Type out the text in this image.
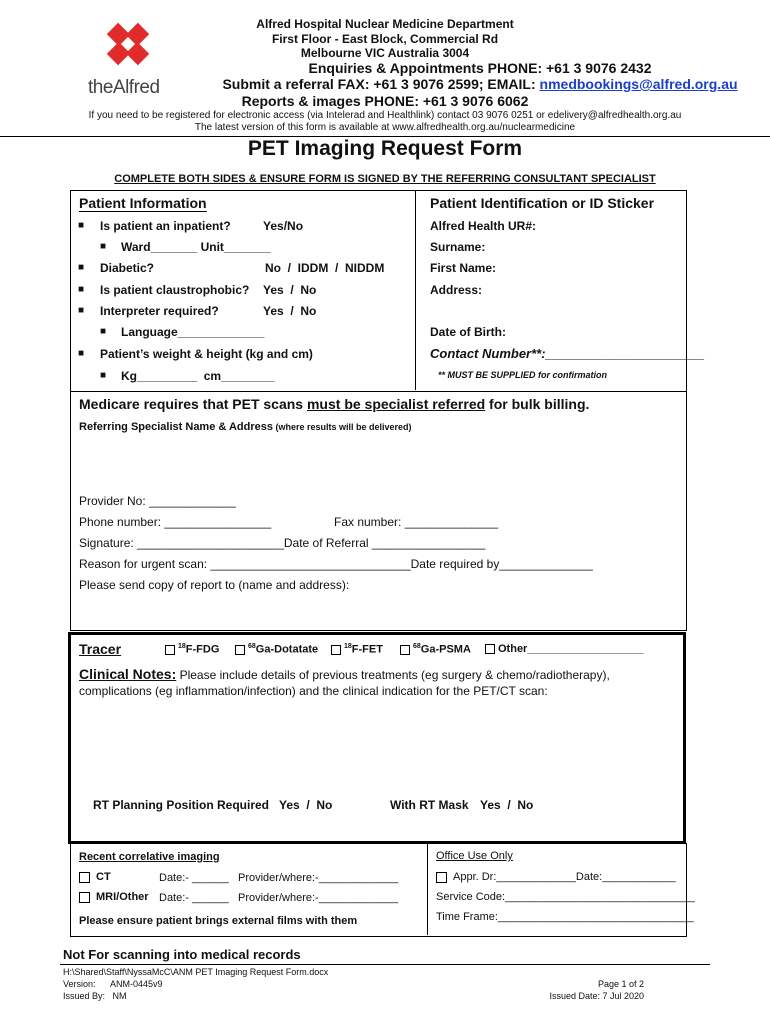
theAlfred
Alfred Hospital Nuclear Medicine Department
First Floor - East Block, Commercial Rd
Melbourne VIC Australia 3004
Enquiries & Appointments PHONE: +61 3 9076 2432
Submit a referral FAX: +61 3 9076 2599; EMAIL: nmedbookings@alfred.org.au
Reports & images PHONE: +61 3 9076 6062
If you need to be registered for electronic access (via Intelerad and Healthlink) contact 03 9076 0251 or edelivery@alfredhealth.org.au
The latest version of this form is available at www.alfredhealth.org.au/nuclearmedicine
PET Imaging Request Form
COMPLETE BOTH SIDES & ENSURE FORM IS SIGNED BY THE REFERRING CONSULTANT SPECIALIST
Patient Information	Patient Identification or ID Sticker
■ Is patient an inpatient?	Yes/No
■ Ward_______ Unit_______
■ Diabetic?	No  /  IDDM  /  NIDDM
■ Is patient claustrophobic? Yes  /  No
■ Interpreter required?	Yes  /  No
■ Language_____________
■ Patient’s weight & height (kg and cm)
■ Kg_________  cm________
Alfred Health UR#:
Surname:
First Name:
Address:
Date of Birth:
Contact Number**:______________________
** MUST BE SUPPLIED for confirmation
Medicare requires that PET scans must be specialist referred for bulk billing.
Referring Specialist Name & Address (where results will be delivered)
Provider No: _____________
Phone number: ________________	Fax number: ______________
Signature: ______________________Date of Referral _________________
Reason for urgent scan: ______________________________Date required by______________
Please send copy of report to (name and address):
Tracer	$^{18}$F-FDG	$^{68}$Ga-Dotatate	$^{18}$F-FET	$^{68}$Ga-PSMA	Other___________________
Clinical Notes: Please include details of previous treatments (eg surgery & chemo/radiotherapy), complications (eg inflammation/infection) and the clinical indication for the PET/CT scan:
RT Planning Position Required Yes  /  No	With RT Mask Yes  /  No
Recent correlative imaging
CT	Date:- ______ Provider/where:-_____________
MRI/Other Date:- ______ Provider/where:-_____________
Please ensure patient brings external films with them
Office Use Only
Appr. Dr:_____________Date:____________
Service Code:_______________________________
Time Frame:________________________________
Not For scanning into medical records
H:\Shared\Staff\NyssaMcC\ANM PET Imaging Request Form.docx
Version:      ANM-0445v9
Issued By:   NM
Page 1 of 2
Issued Date: 7 Jul 2020
